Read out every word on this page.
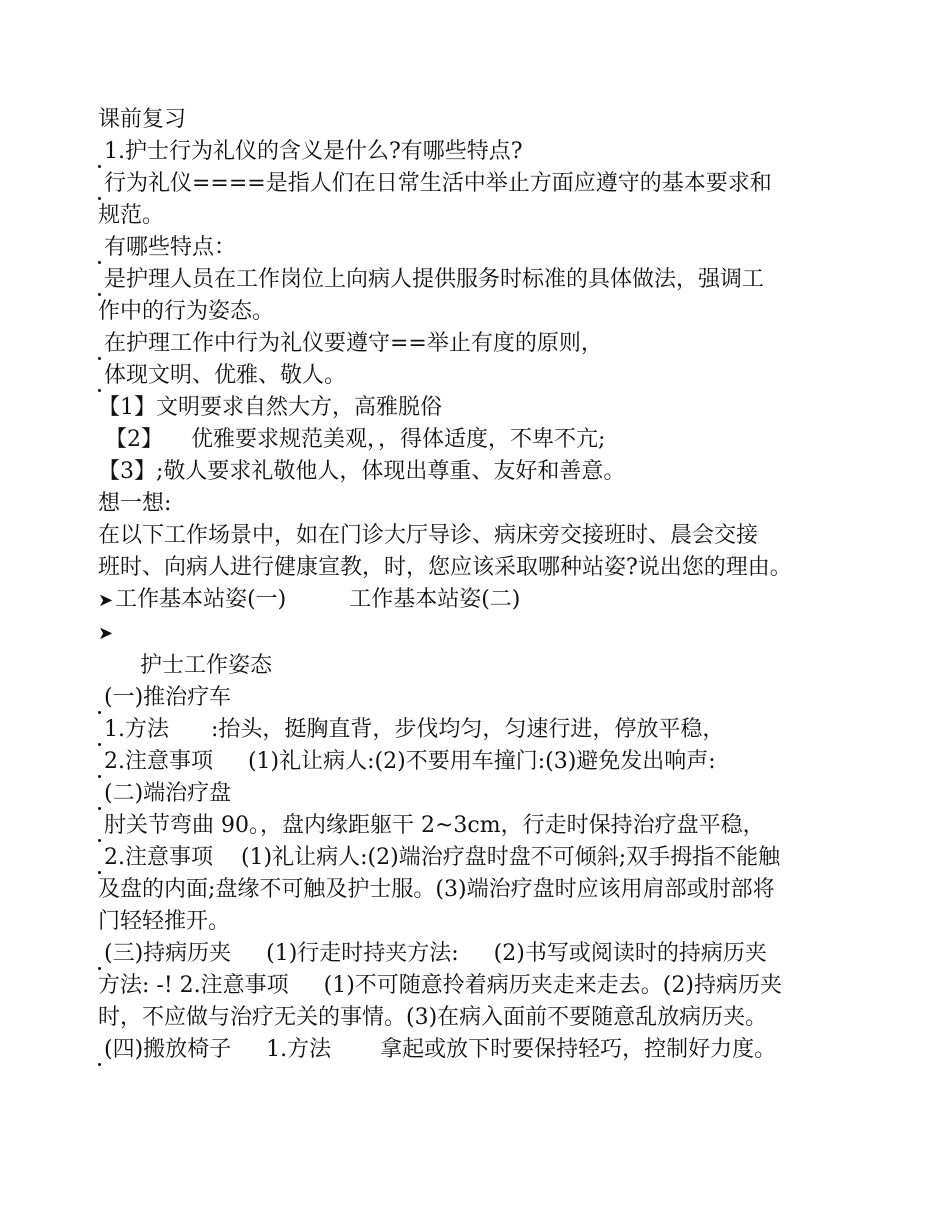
课前复习
1.护士行为礼仪的含义是什么?有哪些特点?
行为礼仪====是指人们在日常生活中举止方面应遵守的基本要求和
规范。
有哪些特点：
是护理人员在工作岗位上向病人提供服务时标准的具体做法，强调工
作中的行为姿态。
在护理工作中行为礼仪要遵守==举止有度的原则，
体现文明、优雅、敬人。
【1】文明要求自然大方，高雅脱俗
【2】    优雅要求规范美观，，得体适度，不卑不亢;
【3】;敬人要求礼敬他人，体现出尊重、友好和善意。
想一想:
在以下工作场景中，如在门诊大厅导诊、病床旁交接班时、晨会交接
班时、向病人进行健康宣教，时，您应该采取哪种站姿?说出您的理由。
➤工作基本站姿(一)         工作基本站姿(二)
➤
护士工作姿态
(一)推治疗车
1.方法      :抬头，挺胸直背，步伐均匀，匀速行进，停放平稳，
2.注意事项     (1)礼让病人:(2)不要用车撞门:(3)避免发出响声:
(二)端治疗盘
肘关节弯曲 90。，盘内缘距躯干 2~3cm，行走时保持治疗盘平稳，
2.注意事项    (1)礼让病人:(2)端治疗盘时盘不可倾斜;双手拇指不能触
及盘的内面;盘缘不可触及护士服。(3)端治疗盘时应该用肩部或肘部将
门轻轻推开。
(三)持病历夹     (1)行走时持夹方法:     (2)书写或阅读时的持病历夹
方法: -! 2.注意事项     (1)不可随意拎着病历夹走来走去。(2)持病历夹
时，不应做与治疗无关的事情。(3)在病入面前不要随意乱放病历夹。
(四)搬放椅子     1.方法       拿起或放下时要保持轻巧，控制好力度。
